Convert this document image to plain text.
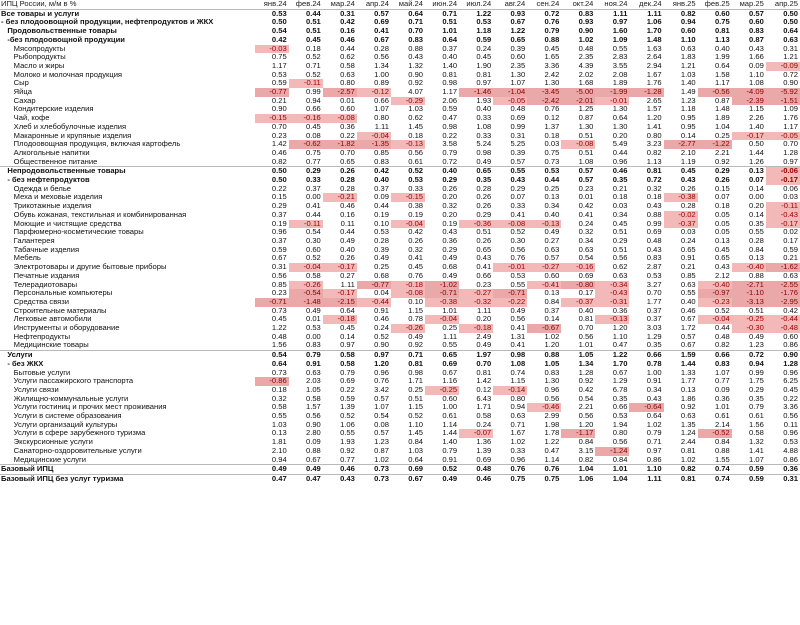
ИПЦ России, м/м в %	янв.24	фев.24	мар.24	апр.24	май.24	июн.24	июл.24	авг.24	сен.24	окт.24	ноя.24	дек.24	янв.25	фев.25	мар.25	апр.25
Все товары и услуги	0.53	0.44	0.31	0.57	0.64	0.71	1.22	0.93	0.72	0.83	1.11	1.11	0.82	0.60	0.57	0.50
- без плодоовощной продукции, нефтепродуктов и ЖКХ	0.50	0.51	0.42	0.69	0.71	0.51	0.53	0.67	0.76	0.93	0.97	1.06	0.94	0.75	0.60	0.50
Продовольственные товары	0.54	0.51	0.16	0.41	0.70	1.01	1.18	1.22	0.79	0.90	1.60	1.70	0.60	0.81	0.83	0.64
-без плодоовощной продукции	0.42	0.45	0.46	0.67	0.83	0.64	0.59	0.65	0.88	1.02	1.09	1.48	1.10	1.13	0.87	0.63
Мясопродукты	-0.03	0.18	0.44	0.28	0.88	0.37	0.24	0.39	0.45	0.48	0.55	1.63	0.63	0.40	0.43	0.31
Рыбопродукты	0.75	0.52	0.62	0.56	0.43	0.40	0.45	0.60	1.65	2.35	2.83	2.64	1.83	1.99	1.66	1.21
Масло и жиры	1.17	0.71	0.58	1.34	1.32	1.40	1.90	2.35	3.36	4.39	3.55	2.94	1.21	0.64	0.09	-0.09
Молоко и молочная продукция	0.53	0.52	0.63	1.00	0.90	0.81	0.81	1.30	2.42	2.02	2.08	1.67	1.03	1.58	1.10	0.72
Сыр	0.59	-0.11	0.80	0.89	0.92	0.98	0.97	1.07	1.30	1.68	1.89	1.76	1.40	1.17	1.08	0.90
Яйца	-0.77	0.99	-2.57	-0.12	4.07	1.17	-1.46	-1.04	-3.45	-5.00	-1.99	-1.28	1.49	-0.56	-4.09	-5.92
Сахар	0.21	0.94	0.01	0.66	-0.29	2.06	1.93	-0.05	-2.42	-2.01	-0.01	2.65	1.23	0.87	-2.39	-1.51
Кондитерские изделия	0.90	0.66	0.60	1.07	1.03	0.59	0.40	0.48	0.76	1.25	1.30	1.57	1.18	1.48	1.15	1.09
Чай, кофе	-0.15	-0.16	-0.08	0.80	0.62	0.47	0.33	0.69	0.12	0.87	0.64	1.20	0.95	1.89	2.26	1.76
Хлеб и хлебобулочные изделия	0.70	0.45	0.36	1.11	1.45	0.98	1.08	0.99	1.37	1.30	1.30	1.41	0.95	1.04	1.40	1.17
Макаронные и крупяные изделия	0.23	0.08	0.22	-0.04	0.18	0.22	0.33	0.31	0.18	0.51	0.20	0.80	0.14	0.25	-0.17	-0.05
Плодоовощная продукция, включая картофель	1.42	-0.62	-1.82	-1.35	-0.13	3.58	5.24	5.25	0.03	-0.08	5.49	3.23	-2.77	-1.22	0.50	0.70
Алкогольные напитки	0.46	0.75	0.70	0.85	0.56	0.79	0.98	0.39	0.75	0.51	0.44	0.82	2.10	2.21	1.44	1.28
Общественное питание	0.82	0.77	0.65	0.83	0.61	0.72	0.49	0.57	0.73	1.08	0.96	1.13	1.19	0.92	1.26	0.97
Непродовольственные товары	0.50	0.29	0.26	0.42	0.52	0.40	0.65	0.55	0.53	0.57	0.46	0.81	0.45	0.29	0.13	-0.06
- без нефтепродуктов	0.50	0.33	0.28	0.40	0.53	0.29	0.35	0.43	0.44	0.57	0.35	0.72	0.43	0.26	0.07	-0.17
Одежда и белье	0.22	0.37	0.28	0.37	0.33	0.26	0.28	0.29	0.25	0.23	0.21	0.32	0.26	0.15	0.14	0.06
Меха и меховые изделия	0.15	0.00	-0.21	0.09	-0.15	0.20	0.26	0.07	0.13	0.01	0.18	0.18	-0.38	0.07	0.00	0.03
Трикотажные изделия	0.29	0.41	0.46	0.44	0.38	0.32	0.26	0.33	0.34	0.42	0.03	0.43	0.28	0.18	0.20	-0.11
Обувь кожаная, текстильная и комбинированная	0.37	0.44	0.16	0.19	0.19	0.20	0.29	0.41	0.40	0.41	0.34	0.88	-0.02	0.05	0.14	-0.43
Моющие и чистящие средства	0.19	-0.11	0.11	0.10	-0.04	0.19	-0.36	-0.08	-0.13	0.24	0.45	0.99	-0.37	0.05	0.35	-0.17
Парфюмерно-косметические товары	0.96	0.54	0.44	0.53	0.42	0.43	0.51	0.52	0.49	0.32	0.51	0.69	0.03	0.05	0.55	0.02
Галантерея	0.37	0.30	0.49	0.28	0.26	0.36	0.26	0.30	0.27	0.34	0.29	0.48	0.24	0.13	0.28	0.17
Табачные изделия	0.59	0.60	0.40	0.39	0.32	0.29	0.65	0.56	0.63	0.63	0.51	0.43	0.65	0.45	0.84	0.59
Мебель	0.67	0.52	0.26	0.49	0.41	0.49	0.43	0.76	0.57	0.54	0.56	0.83	0.91	0.65	0.13	0.21
Электротовары и другие бытовые приборы	0.31	-0.04	-0.17	0.25	0.45	0.68	0.41	-0.01	-0.27	-0.16	0.62	2.87	0.21	0.43	-0.40	-1.62
Печатные издания	0.56	0.58	0.27	0.68	0.76	0.49	0.66	0.53	0.60	0.69	0.63	0.53	0.85	2.12	0.88	0.63
Телерадиотовары	0.85	-0.26	1.11	-0.77	-0.18	-1.02	0.23	0.55	-0.41	-0.80	-0.34	3.27	0.63	-0.40	-2.71	-2.55
Персональные компьютеры	0.23	-0.54	-0.17	0.04	-0.08	-0.71	-0.27	-0.71	0.13	0.17	-0.43	0.70	0.55	-0.97	-1.10	-1.76
Средства связи	-0.71	-1.48	-2.15	-0.44	0.10	-0.38	-0.32	-0.22	0.84	-0.37	-0.31	1.77	0.40	-0.23	-3.13	-2.95
Строительные материалы	0.73	0.49	0.64	0.91	1.15	1.01	1.11	0.49	0.37	0.40	0.36	0.37	0.46	0.52	0.51	0.42
Легковые автомобили	0.45	0.01	-0.18	0.46	0.78	-0.04	0.20	0.56	0.14	0.81	-0.13	0.37	0.67	-0.04	-0.25	-0.44
Инструменты и оборудование	1.22	0.53	0.45	0.24	-0.26	0.25	-0.18	0.41	-0.67	0.70	1.20	3.03	1.72	0.44	-0.30	-0.48
Нефтепродукты	0.48	0.00	0.14	0.52	0.49	1.11	2.49	1.31	1.02	0.56	1.10	1.29	0.57	0.48	0.49	0.60
Медицинские товары	1.56	0.83	0.97	0.90	0.92	0.55	0.49	0.41	1.20	1.01	0.47	0.35	0.67	0.82	1.23	0.86
Услуги	0.54	0.79	0.58	0.97	0.71	0.65	1.97	0.98	0.88	1.05	1.22	0.66	1.59	0.66	0.72	0.90
- без ЖКХ	0.64	0.91	0.58	1.20	0.81	0.69	0.70	1.08	1.05	1.34	1.70	0.78	1.44	0.83	0.94	1.28
Бытовые услуги	0.73	0.63	0.79	0.96	0.98	0.67	0.81	0.74	0.83	1.28	0.67	1.00	1.33	1.07	0.99	0.96
Услуги пассажирского транспорта	-0.86	2.03	0.69	0.76	1.71	1.16	1.42	1.15	1.30	0.92	1.29	0.91	1.77	0.77	1.75	6.25
Услуги связи	0.18	1.05	0.22	3.42	0.25	-0.25	0.12	-0.14	0.96	0.42	6.78	0.34	0.13	0.09	0.29	0.45
Жилищно-коммунальные услуги	0.32	0.58	0.59	0.57	0.51	0.60	6.43	0.80	0.56	0.54	0.35	0.43	1.86	0.36	0.35	0.22
Услуги гостиниц и прочих мест проживания	0.58	1.57	1.39	1.07	1.15	1.00	1.71	0.94	-0.46	2.21	0.66	-0.64	0.92	1.01	0.79	3.36
Услуги в системе образования	0.55	0.56	0.52	0.54	0.52	0.61	0.58	0.63	2.99	0.56	0.53	0.64	0.63	0.61	0.61	0.56
Услуги организаций культуры	1.03	0.90	1.06	0.08	1.10	1.14	0.24	0.71	1.98	1.20	1.94	1.02	1.35	2.14	1.56	0.11
Услуги в сфере зарубежного туризма	0.13	2.80	0.55	0.57	1.45	1.44	-0.07	1.67	1.78	-1.17	0.80	0.79	1.24	-0.52	0.58	0.96
Экскурсионные услуги	1.81	0.09	1.93	1.23	0.84	1.40	1.36	1.02	1.22	0.84	0.56	0.71	2.44	0.84	1.32	0.53
Санаторно-оздоровительные услуги	2.10	0.88	0.92	0.87	1.03	0.79	1.39	0.33	0.47	3.15	-1.24	0.97	0.81	0.88	1.41	4.88
Медицинские услуги	0.94	0.67	0.77	1.02	0.64	0.91	0.69	0.96	1.14	0.82	0.84	0.86	1.02	1.55	1.07	0.86
Базовый ИПЦ	0.49	0.49	0.46	0.73	0.69	0.52	0.48	0.76	0.76	1.04	1.01	1.10	0.82	0.74	0.59	0.36
Базовый ИПЦ без услуг туризма	0.47	0.47	0.43	0.73	0.67	0.49	0.46	0.75	0.75	1.06	1.04	1.11	0.81	0.74	0.59	0.31
